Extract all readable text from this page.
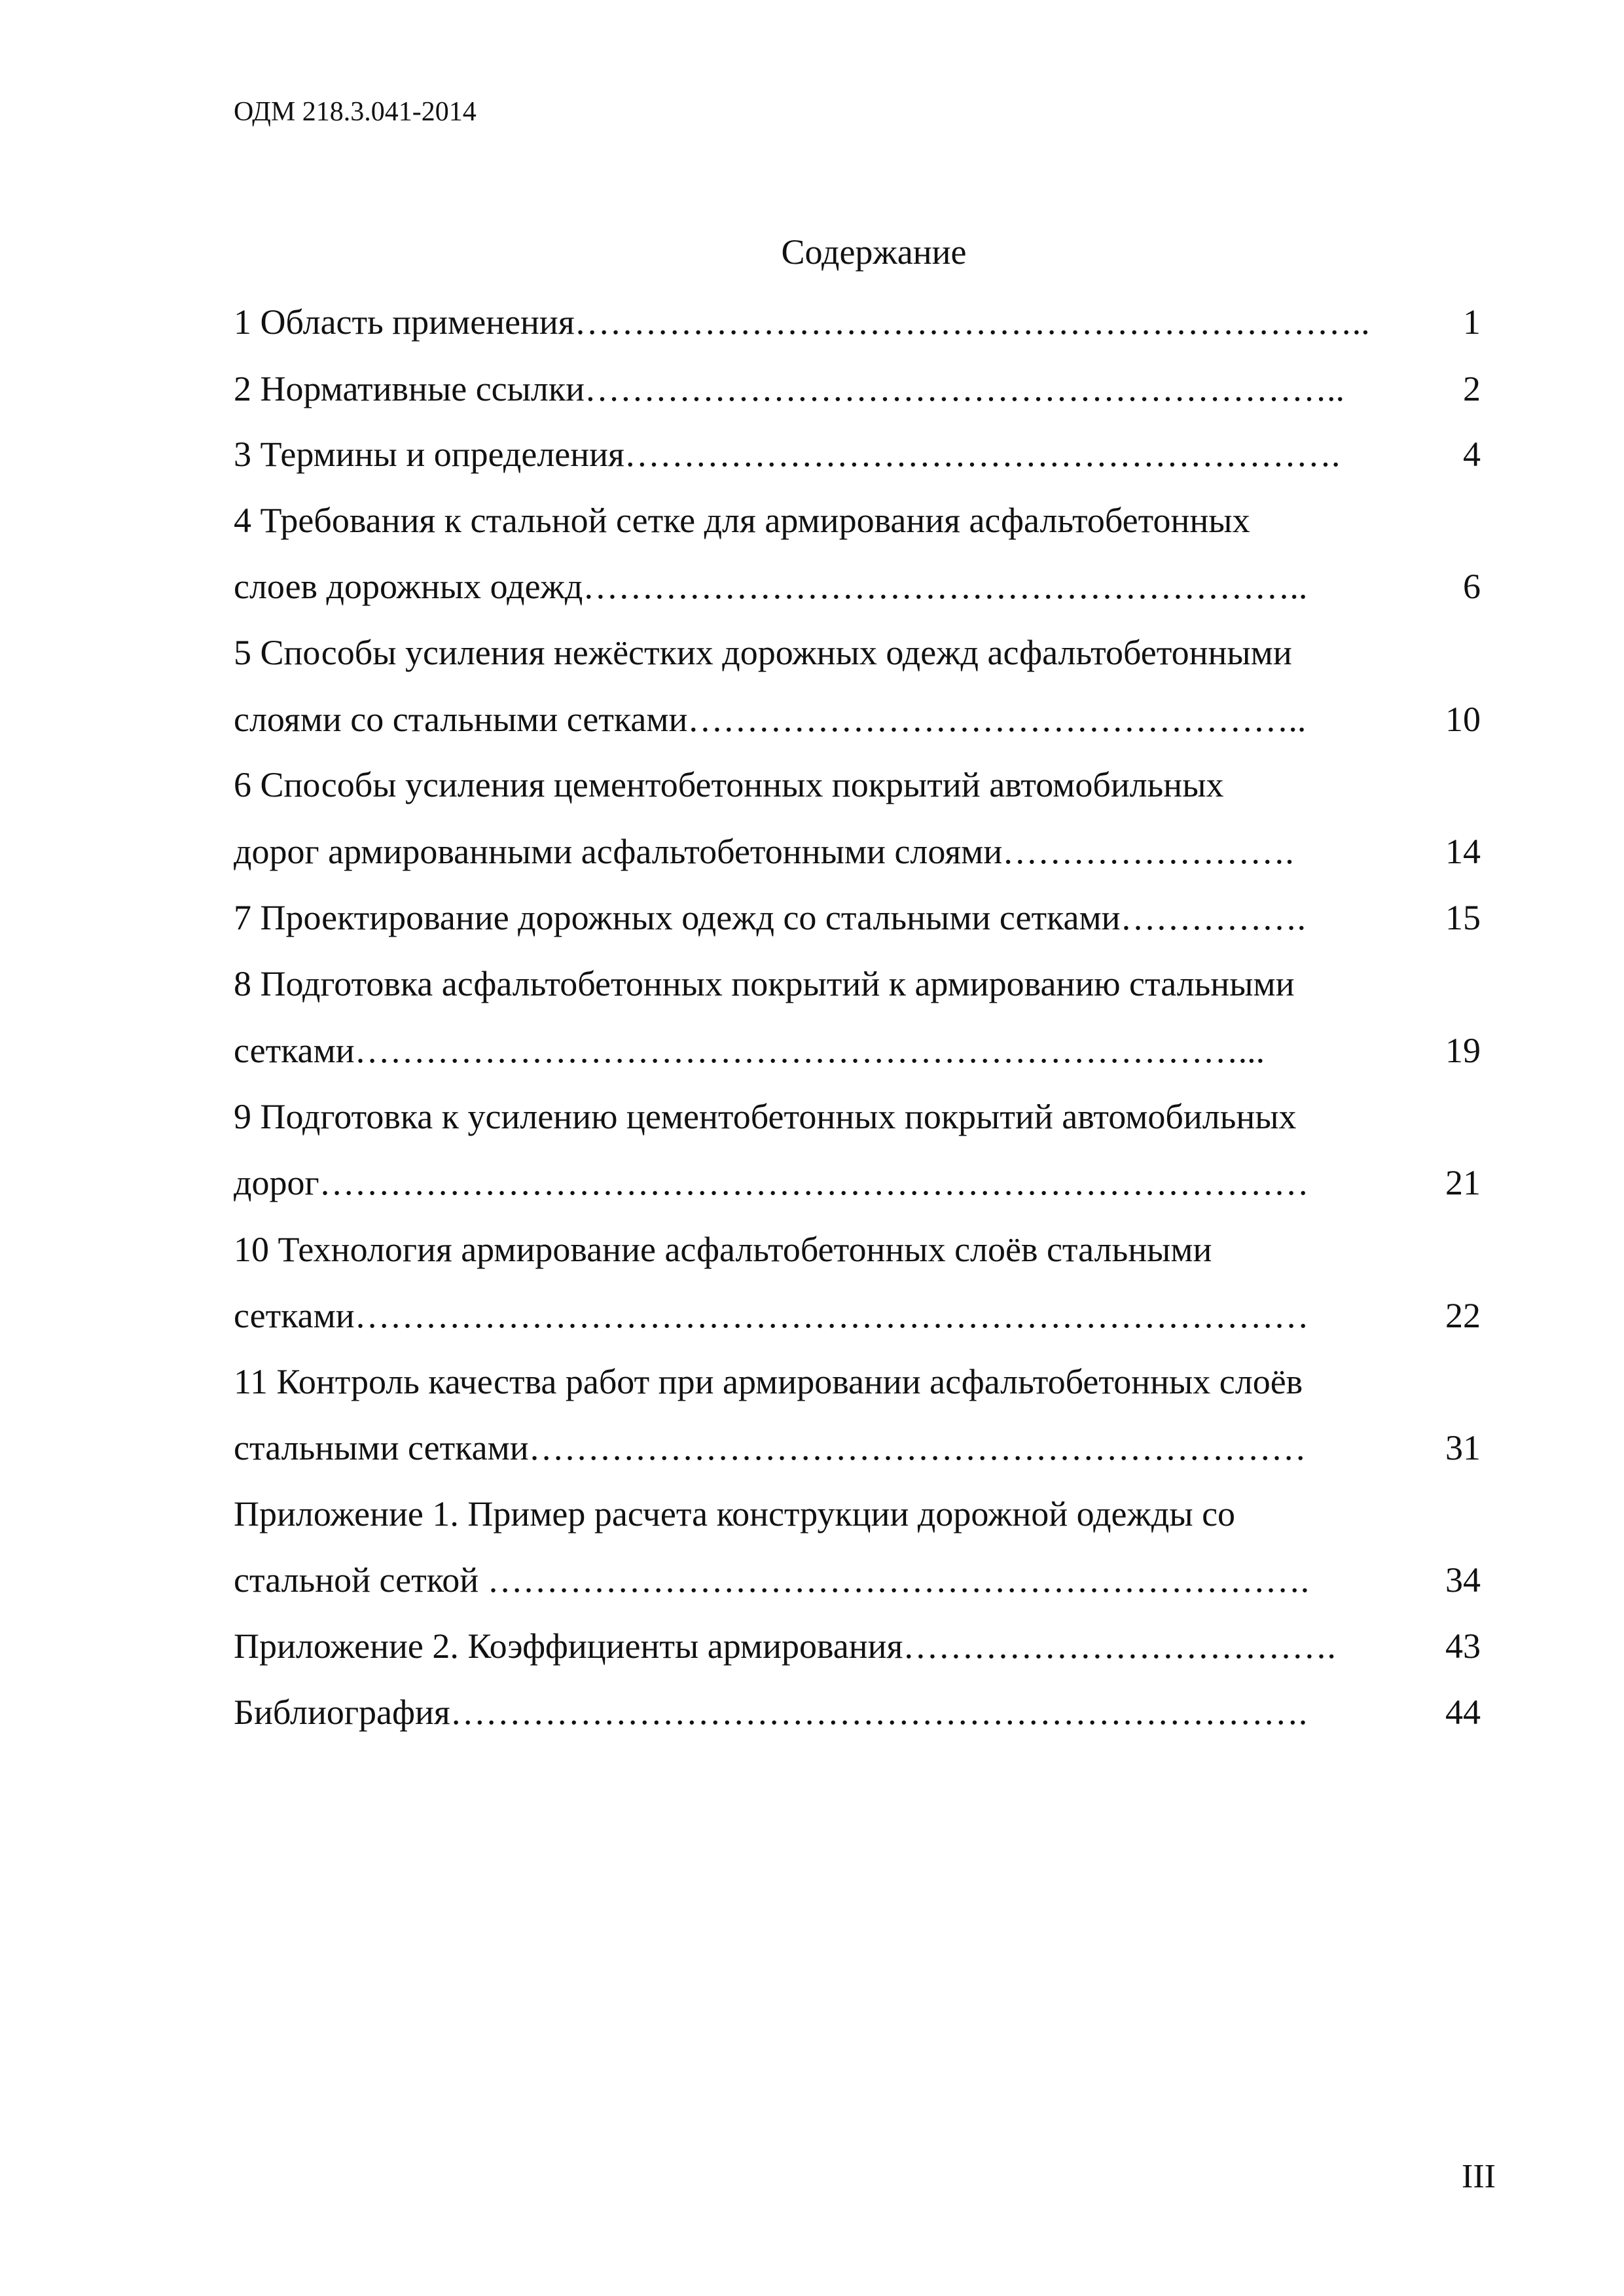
ОДМ 218.3.041-2014
Содержание
1 Область применения…………………………………………………………..	1
2 Нормативные ссылки………………………………………………………..	2
3 Термины и определения…………………………………………………….	4
4 Требования к стальной сетке для армирования асфальтобетонных
слоев дорожных одежд……………………………………………………..	6
5 Способы усиления нежёстких дорожных одежд асфальтобетонными
слоями со стальными сетками……………………………………………..	10
6 Способы усиления цементобетонных покрытий автомобильных
дорог армированными асфальтобетонными слоями…………………….	14
7 Проектирование дорожных одежд со стальными сетками…………….	15
8 Подготовка асфальтобетонных покрытий к армированию стальными
сетками…………………………………………………………………...	19
9 Подготовка к усилению цементобетонных покрытий автомобильных
дорог…………………………………………………………………………	21
10 Технология армирование асфальтобетонных слоёв стальными
сетками………………………………………………………………………	22
11 Контроль качества работ при армировании асфальтобетонных слоёв
стальными сетками…………………………………………………………	31
Приложение 1. Пример расчета конструкции дорожной одежды со
стальной сеткой …………………………………………………………….	34
Приложение 2. Коэффициенты армирования……………………………….	43
Библиография……………………………………………………………….	44
III
